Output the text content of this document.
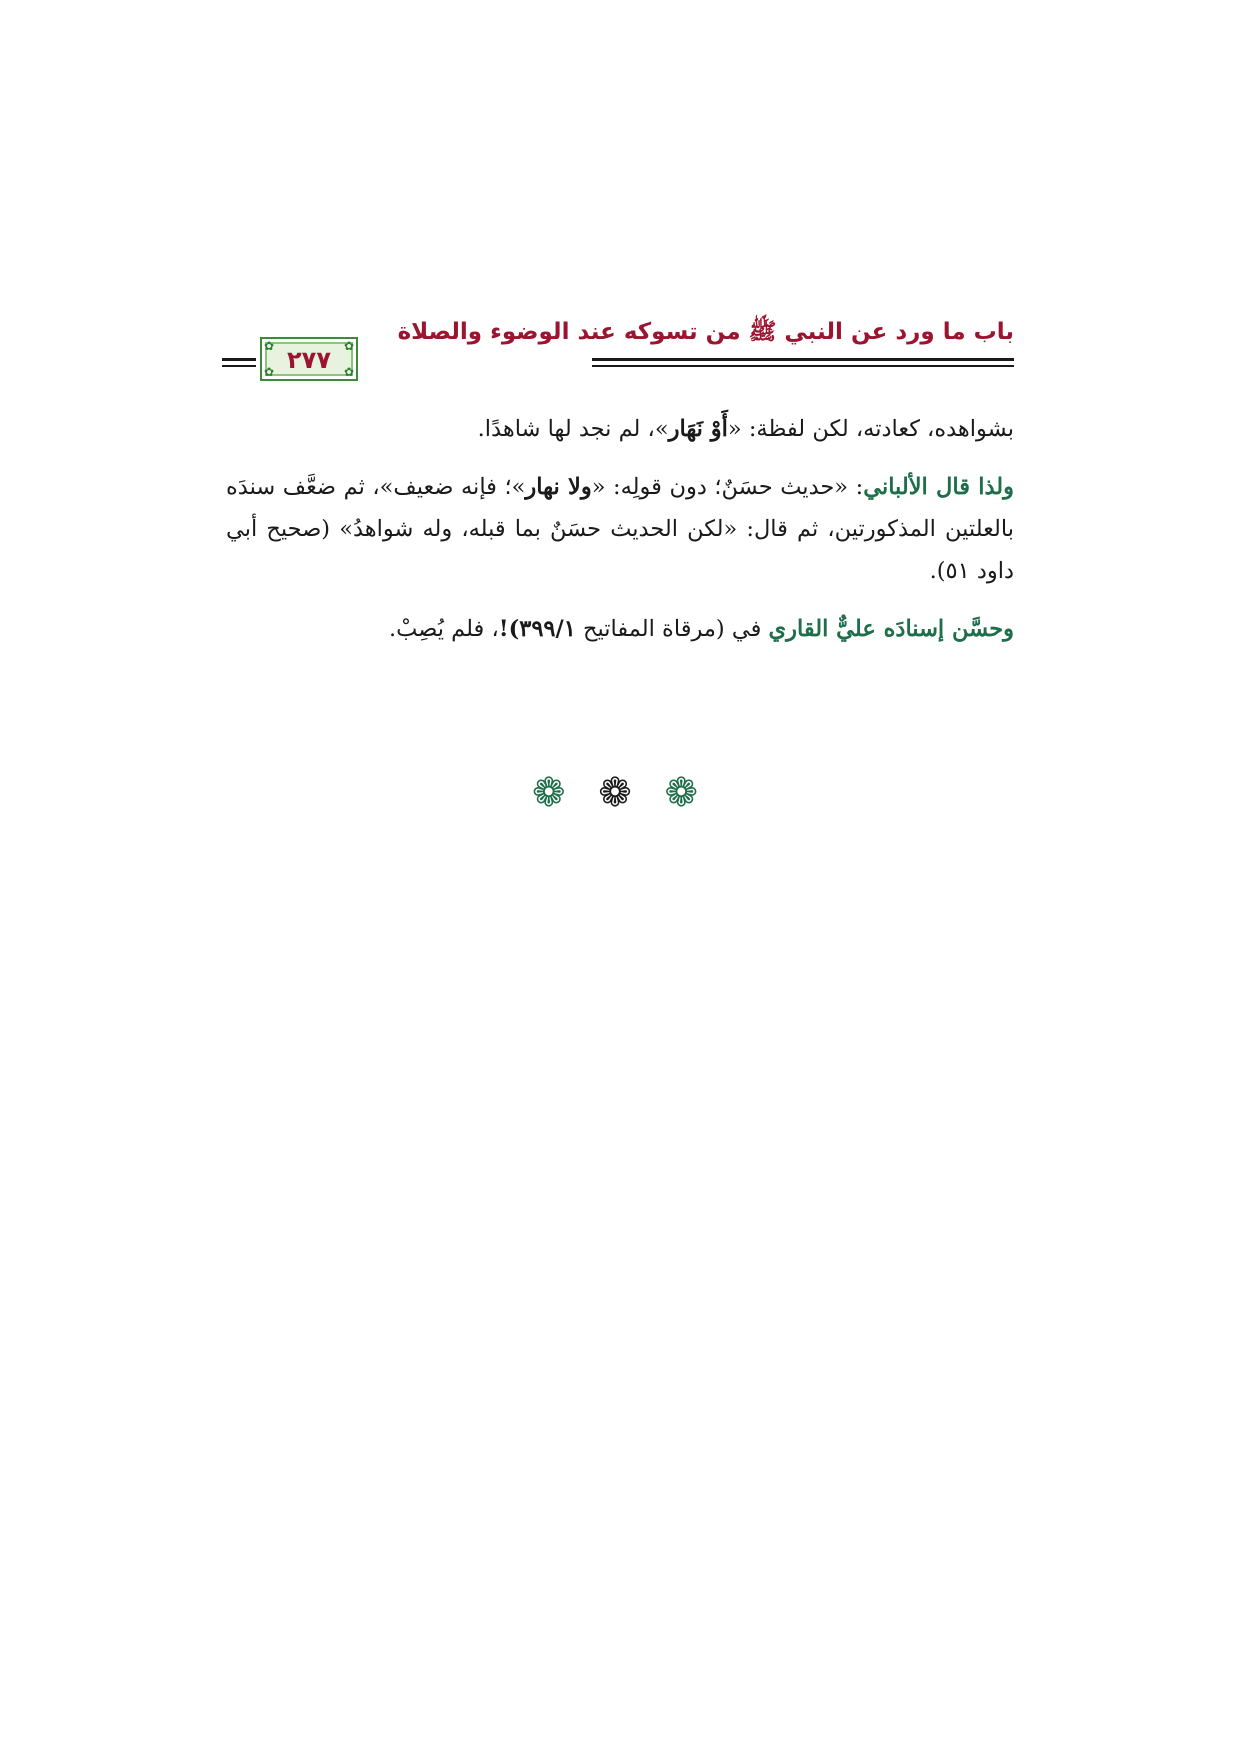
باب ما ورد عن النبي ﷺ من تسوكه عند الوضوء والصلاة
✿	✿
✿	✿
٢٧٧

بشواهده، كعادته، لكن لفظة: «أَوْ نَهَار»، لم نجد لها شاهدًا.

ولذا قال الألباني: «حديث حسَنٌ؛ دون قولِه: «ولا نهار»؛ فإنه ضعيف»، ثم ضعَّف سندَه بالعلتين المذكورتين، ثم قال: «لكن الحديث حسَنٌ بما قبله، وله شواهدُ» (صحيح أبي داود ٥١).

وحسَّن إسنادَه عليٌّ القاري في (مرقاة المفاتيح ٣٩٩/١)!، فلم يُصِبْ.

❁ ❁ ❁
